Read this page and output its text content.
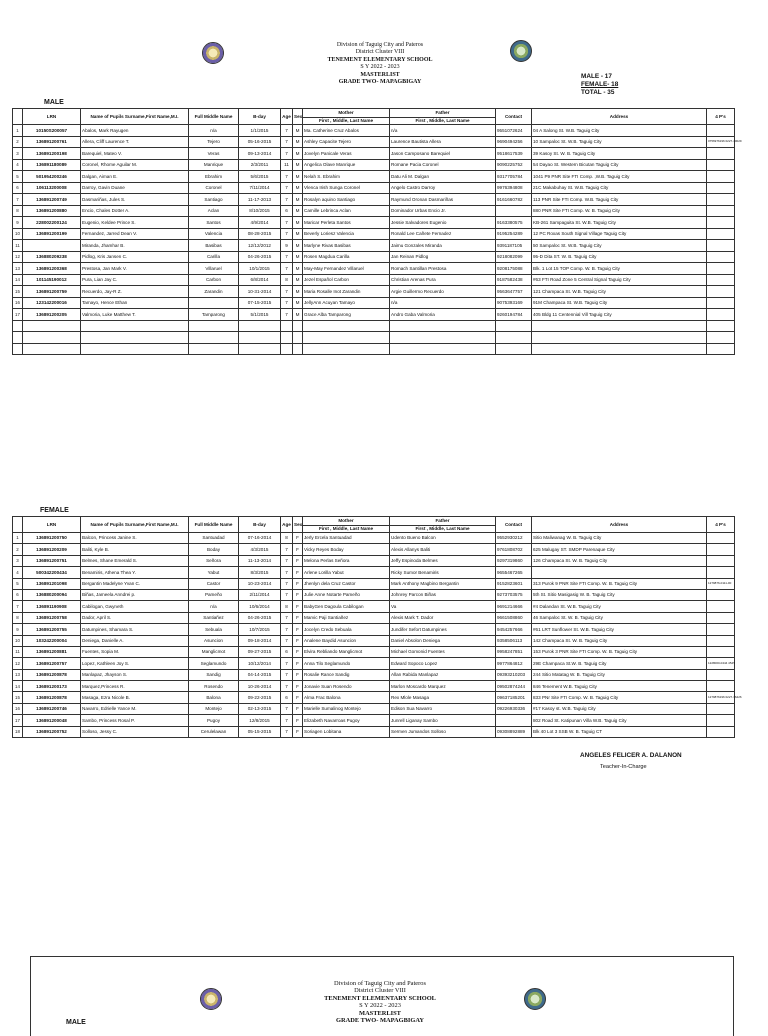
Division of Taguig City and Pateros
District Cluster VIII
TENEMENT ELEMENTARY SCHOOL
S Y 2022 - 2023
MASTERLIST
GRADE TWO- MAPAGBIGAY
MALE - 17
FEMALE- 18
TOTAL - 35
MALE
	LRN	Name of Pupils Surname,First Name,M.I.	Full Middle Name	B-day	Age	Sex	Mother	Father	Contact	Address	4 P's
							First , Middle, Last Name	First , Middle, Last Name			
1	10150S200057	Abalos, Mark Rayugen	n/a	1/1/2015	7	M	Ma. Catherine Cruz Abalos	n/a	9551072624	04 A Salong St. W.B. Taguig City	
2	136891200761	Allera, Cliff Laurence T.	Tejero	05-16-2015	7	M	Ashley Capacite Tejero	Laurence Bautista Allera	9690494256	10 Sampaloc St. W.B. Taguig City	0756976196 0227-40029
3	136891200198	Barequiel, Mateo V.	Veras	09-13-2014	7	M	Jovelyn Panicale Veras	Jason Camposano Barequiel	9518617539	39 Kasoy St. W. B. Taguig City	
4	136891180089	Coronel, Rhome Aguilar M.	Manrique	2/3/2011	11	M	Angelica Olave Manrique	Romane Pacia Coronel	9090225752	54 Dayao St. Western Bicutan Taguig City	
5	501954200246	Dalgan, Aiman E.	Ebrahim	5/6/2015	7	M	Nelah S. Ebrahim	Datu Ali M. Dalgan	9317705784	1041 P9 PNR Site FTI Comp. ,W.B. Taguig City	
6	106113200008	Darroy, Gavin Duane	Coronel	7/11/2014	7	M	Vlenca Irish Sunga Coronel	Angelo Castro Darroy	9976394808	21C Makabuhay St. W.B. Taguig City	
7	136891200749	Dasmariñas, Jules S.	Santiago	11-17-2013	7	M	Rosalyn aquino Santiago	Raymund Oronan Dasmariñas	9161660782	113 PNR Site FTI Comp. W.B. Taguig City	
8	136891200880	Encio, Chales Dotter A.	Aclan	8/10/2015	6	M	Camille Lebrinca Aclan	Dominador Urbas Encio Jr.		880 PNR Site FTI Comp. W. B. Taguig City	
9	228002200124	Eugenio, Keldee Prince S.	Santos	4/9/2014	7	M	Maricar Perleta Santos	Jessie Salvadores Eugenio	9163380575	KB-261 Sampaguita St. W.B. Taguig City	
10	136891200199	Fernandez, Jarred Dean V.	Valencia	08-28-2015	7	M	Beverly Loriesz Valencia	Ronald Lee Cañete Fernadez	9195254289	12 PC Roxas South Signal Village Taguig City	
11		Miranda, Jhamhar B.	Basibas	12/12/2012	9	M	Marlyne Rivas Basibas	Jaimu Gonzales Miranda	9391187105	50 Sampaloc St. W.B. Taguig City	
12	136880209238	Pidlog, Kris Jansen C.	Carilla	04-26-2015	7	M	Rosen Magdua Carilla	Jan Reinan Pidlog	9218082099	95-D Dita ST. W. B. Taguig City	
13	136891200368	Prestosa, Jan Mark V.	Villaruel	10/1/2015	7	M	May-May Fernandez Villaruel	Romach Santillan Prestosa	9208175088	Blk. 1 Lot 15 TOP Comp. W. B. Taguig City	
14	101145190012	Pura, Lian Jay C.	Carbon	6/8/2014	8	M	Jezel Español Carbon	Christian Arenas Pura	9187582438	#63 FTI Road Zone 5 Central Signal Taguig City	
15	136891200759	Recuerdo, Jay-R Z.	Zarandin	10-31-2014	7	M	Maria Rosalle Inot Zarandin	Argie Guillermo Recuerdo	9563647757	121 Champaca St. W.B. Taguig City	
16	123142200016	Tamayo, Hence Ethan		07-15-2015	7	M	JellyAnn Acuyan Tamayo	n/a	9075393169	91M Champaca St. W.B. Taguig City	
17	136891200205	Valmoria, Luke Matthew T.	Tamparong	5/1/2015	7	M	Grace Alba Tamparong	Andro Gaba Valmoria	9260194784	405 Bldg 11 Centennial Vill Taguig City	

FEMALE
	LRN	Name of Pupils Surname,First Name,M.I.	Full Middle Name	B-day	Age	Sex	Mother	Father	Contact	Address	4 P's
							First , Middle, Last Name	First , Middle, Last Name			
1	136891200750	Balcon, Princess Janine S.	Santuadad	07-16-2014	8	F	Jerly Ercela Santuadad	Udento Bueno Balcon	9552930212	Sitio Maliwanag W. B. Taguig City	
2	136891200209	Baliti, Kyle B.	Boday	4/3/2015	7	F	Vicky Reyes Boday	Alexis Allanys Baliti	9761808702	625 Malugay ST. SMDP Parenaque City	
3	136891200751	Belmes, Shane Emerald S.	Señora	11-13-2014	7	F	Melona Perlas Señora	Jeffy Espinoda Belmes	9297319860	126 Champaca St. W. B. Taguig City	
4	500342200434	Benamiris, Athena Thea Y.	Yabut	8/3/2015	7	F	Arlene Lorilla Yabut	Ricky Sumor Benamiris	9655467265		
5	136891201098	Bergantin Madelyne Yvan C.	Castor	10-23-2014	7	F	Jhenlyn dela Cruz Castor	Mark Anthony Magbino Bergantin	9152823601	313 Purok 9 PNR Site FTI Comp. W. B. Taguig City	1279876-0111-00
6	136880200094	Biñas, Jameela Anndrei p.	Pameño	2/11/2014	7	F	Julie Anne Notarte Pameño	Johnrey Parcon Biñas	9273703575	5th St. Sitio Masigasig W. B. Taguig City	
7	136891190908	Cabilogan, Gwyneth	n/a	10/6/2014	8	F	BabyGen Dagoula Cabilogan	Va	9691214666	#4 Dalandan St. W.B. Taguig City	
8	136891200758	Dador, April S.	Santiañez	04-26-2015	7	F	Marvic Paji Santiañez	Alexis Mark T. Dador	9661508860	46 Sampaloc St. W. B. Taguig City	
9	136891200755	Datumpines, Shamara S.	Sebuala	10/7/2015	7	F	Jocelyn Credo Sebuala	Jundifer Sefort Datumpines	9454257666	#61 LRT Sunflower St. W.B. Taguig City	
10	103242200004	Deniega, Danielle A.	Asuncion	09-18-2014	7	F	Analene Baydid Asuncion	Daniel Absolon Deniega	9358506113	142 Champaca St. W. B. Taguig City	
11	136891200881	Fuentes, Sopia M.	Manglicmot	09-27-2015	6	F	Elvira Rebliando Manglicmot	Michael Gomonid Fuentes	9958247851	153 Purok 3 PNR Site FTI Comp. W. B. Taguig City	
12	136891200757	Lopez, Kathleen Joy S.	Seglamundo	10/12/2014	7	F	Anna Tilo Seglamundo	Edward Sopoco Lopez	9977864812	29E Champaca St.W. B. Taguig City	1228000-0444 4545
13	136891200878	Manlapaz, Jhayson S.	Sandig	04-14-2015	7	F	Rosalie Rance Sandig	Allan Rabida Manlapaz	09393210203	244 Sitio Matatag W. B. Taguig City	
14	136891200173	Marquez,Princess R.	Rosendo	10-26-2014	7	F	Jonavie Suan Rosendo	Marlon Moscardo Marquez	09502874244	846 Tenement W.B. Taguig City	
15	136891200878	Masaga, Ezra Nicole B.	Balona	09-22-2015	6	F	Alma Frac Balona	Rex Mlole Masaga	09637185201	833 PNr Site FTI Comp. W. B. Taguig City	1279876196 0227-36426
16	136891200746	Navarro, Edrielle Yance M.	Montejo	02-13-2015	7	F	Marielle Sumalinog Montejo	Edison Sua Navarro	09226930336	#17 Kasoy st. W.B. Taguig City	
17	136891200048	Sambo, Princess Rosal P.	Pugoy	12/8/2015	7	F	Elizabeth Navarroas Pugoy	Junrell Liganay Sambo		802 Road St. Katipunan Villa W.B. Taguig City	
18	136891200752	Solloso, Jessy C.	Cerulelawan	05-15-2015	7	F	Soriagen Lobitana	Sermen Jumandos Solloso	09308892889	Blk 40 Lot 3 SSB W. B. Taguig CT	
ANGELES FELICER A. DALANON
Teacher-In-Charge
Division of Taguig City and Pateros
District Cluster VIII
TENEMENT ELEMENTARY SCHOOL
S Y 2022 - 2023
MASTERLIST
GRADE TWO- MAPAGBIGAY
MALE
